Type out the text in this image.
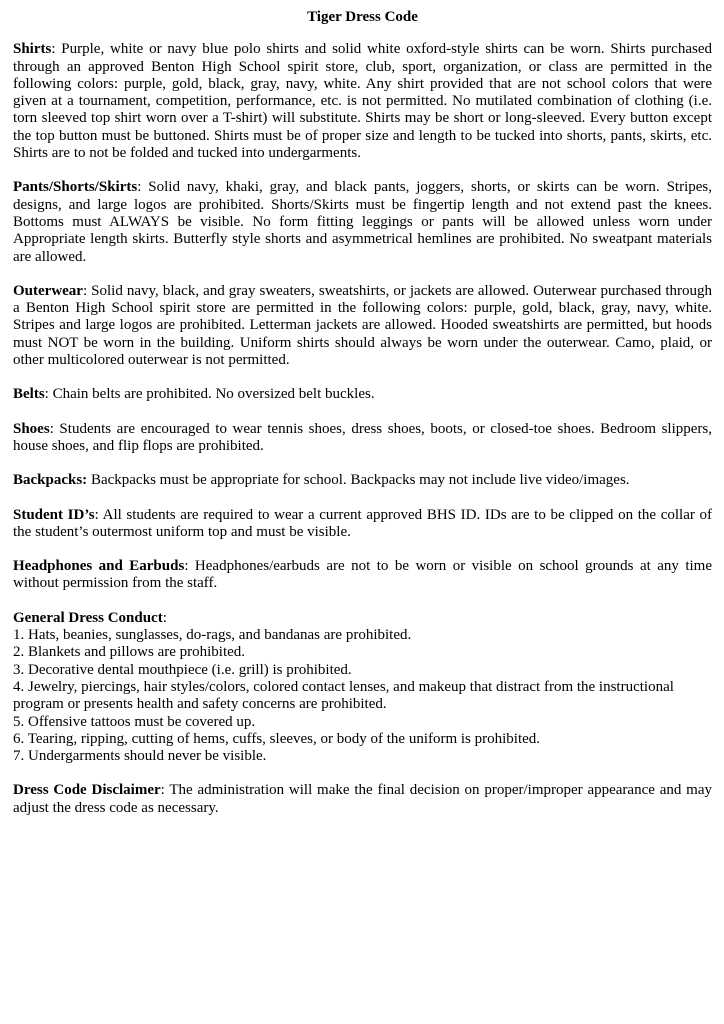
Tiger Dress Code

Shirts: Purple, white or navy blue polo shirts and solid white oxford-style shirts can be worn. Shirts purchased through an approved Benton High School spirit store, club, sport, organization, or class are permitted in the following colors: purple, gold, black, gray, navy, white. Any shirt provided that are not school colors that were given at a tournament, competition, performance, etc. is not permitted. No mutilated combination of clothing (i.e. torn sleeved top shirt worn over a T-shirt) will substitute. Shirts may be short or long-sleeved. Every button except the top button must be buttoned. Shirts must be of proper size and length to be tucked into shorts, pants, skirts, etc. Shirts are to not be folded and tucked into undergarments.

Pants/Shorts/Skirts: Solid navy, khaki, gray, and black pants, joggers, shorts, or skirts can be worn. Stripes, designs, and large logos are prohibited. Shorts/Skirts must be fingertip length and not extend past the knees. Bottoms must ALWAYS be visible. No form fitting leggings or pants will be allowed unless worn under Appropriate length skirts. Butterfly style shorts and asymmetrical hemlines are prohibited. No sweatpant materials are allowed.

Outerwear: Solid navy, black, and gray sweaters, sweatshirts, or jackets are allowed. Outerwear purchased through a Benton High School spirit store are permitted in the following colors: purple, gold, black, gray, navy, white. Stripes and large logos are prohibited. Letterman jackets are allowed. Hooded sweatshirts are permitted, but hoods must NOT be worn in the building. Uniform shirts should always be worn under the outerwear. Camo, plaid, or other multicolored outerwear is not permitted.

Belts: Chain belts are prohibited. No oversized belt buckles.

Shoes: Students are encouraged to wear tennis shoes, dress shoes, boots, or closed-toe shoes. Bedroom slippers, house shoes, and flip flops are prohibited.

Backpacks: Backpacks must be appropriate for school. Backpacks may not include live video/images.

Student ID’s: All students are required to wear a current approved BHS ID. IDs are to be clipped on the collar of the student’s outermost uniform top and must be visible.

Headphones and Earbuds: Headphones/earbuds are not to be worn or visible on school grounds at any time without permission from the staff.

General Dress Conduct:
1. Hats, beanies, sunglasses, do-rags, and bandanas are prohibited.
2. Blankets and pillows are prohibited.
3. Decorative dental mouthpiece (i.e. grill) is prohibited.
4. Jewelry, piercings, hair styles/colors, colored contact lenses, and makeup that distract from the instructional program or presents health and safety concerns are prohibited.
5. Offensive tattoos must be covered up.
6. Tearing, ripping, cutting of hems, cuffs, sleeves, or body of the uniform is prohibited.
7. Undergarments should never be visible.

Dress Code Disclaimer: The administration will make the final decision on proper/improper appearance and may adjust the dress code as necessary.
